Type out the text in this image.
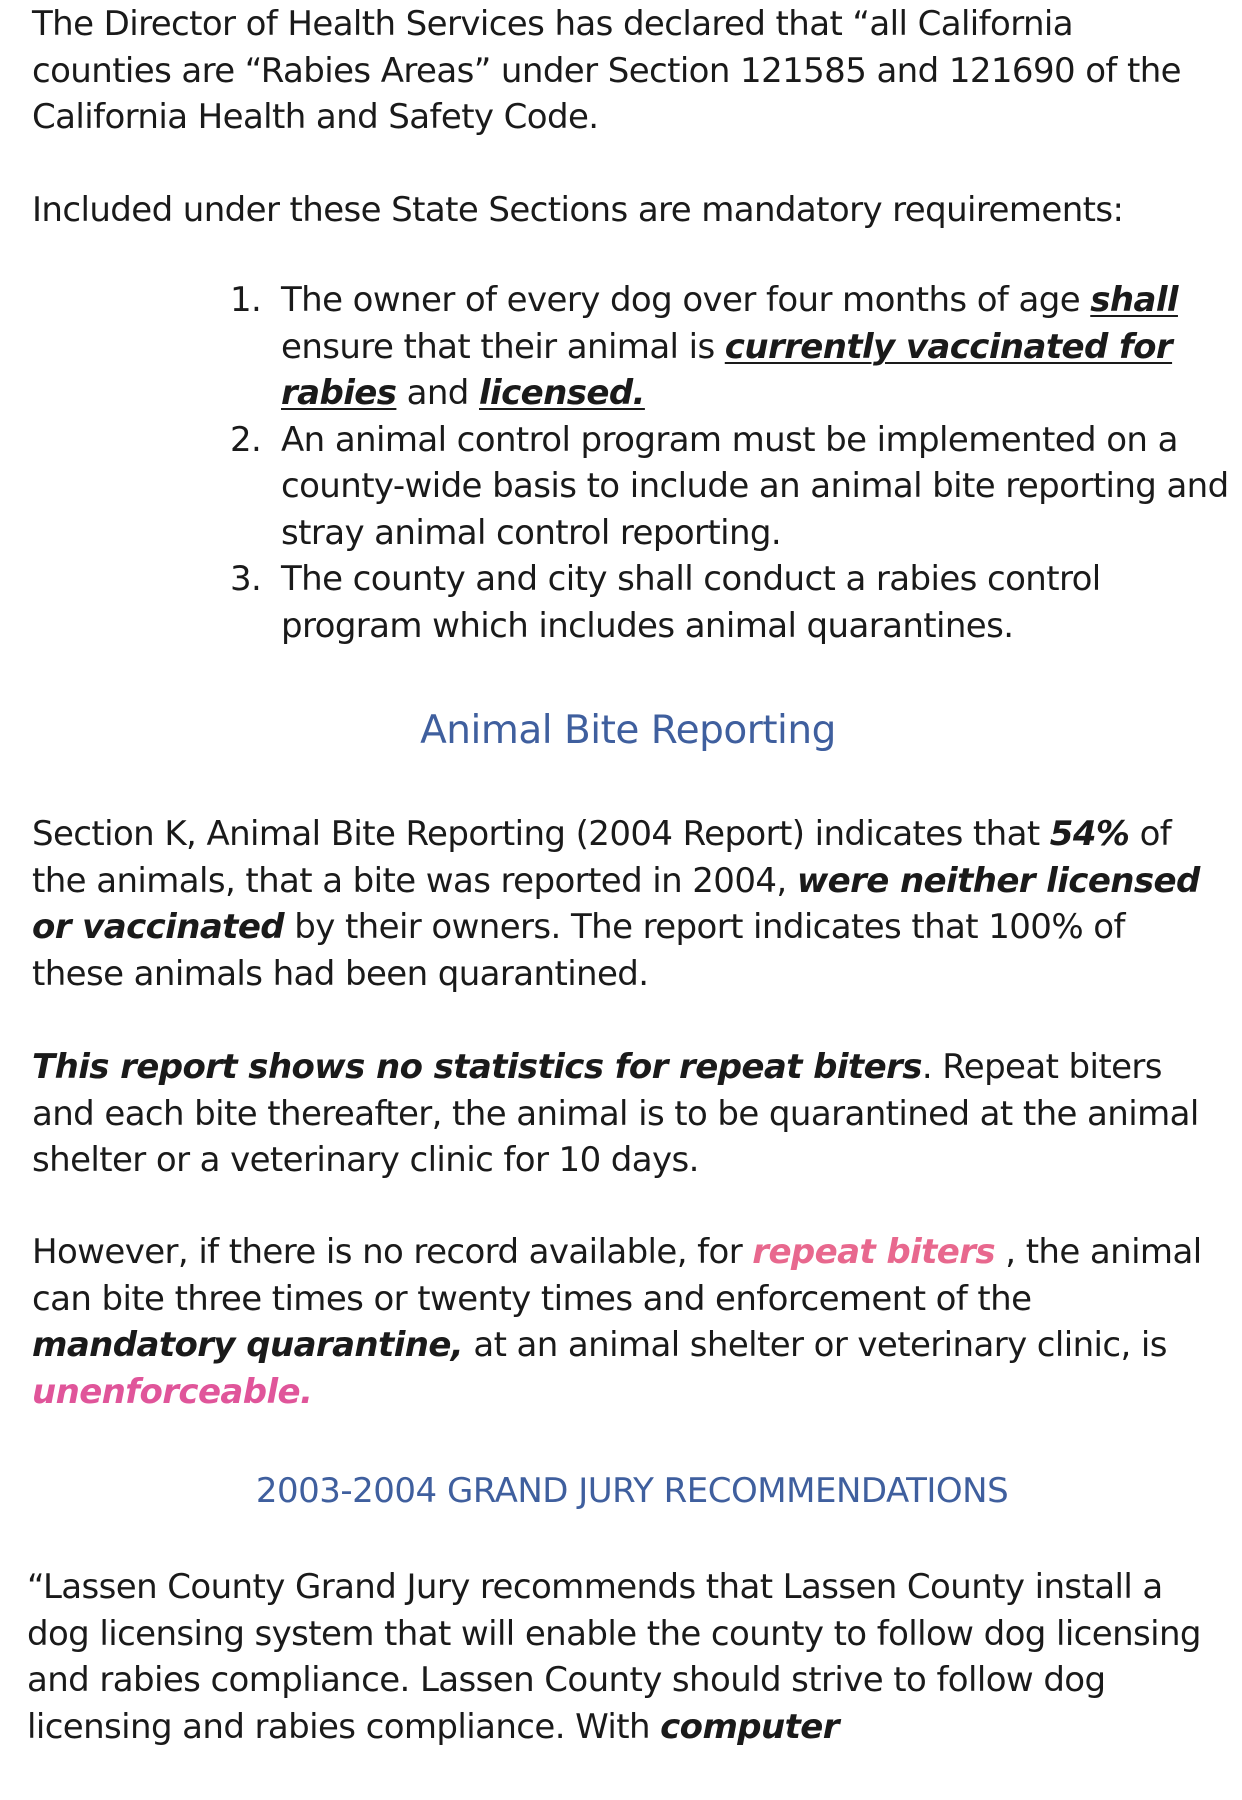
The Director of Health Services has declared that “all California counties are “Rabies Areas” under Section 121585 and 121690 of the California Health and Safety Code.

Included under these State Sections are mandatory requirements:

1. The owner of every dog over four months of age shall ensure that their animal is currently vaccinated for rabies and licensed.
2. An animal control program must be implemented on a county-wide basis to include an animal bite reporting and stray animal control reporting.
3. The county and city shall conduct a rabies control program which includes animal quarantines.
Animal Bite Reporting

Section K, Animal Bite Reporting (2004 Report) indicates that 54% of the animals, that a bite was reported in 2004, were neither licensed or vaccinated by their owners. The report indicates that 100% of these animals had been quarantined.

This report shows no statistics for repeat biters. Repeat biters and each bite thereafter, the animal is to be quarantined at the animal shelter or a veterinary clinic for 10 days.

However, if there is no record available, for repeat biters , the animal can bite three times or twenty times and enforcement of the mandatory quarantine, at an animal shelter or veterinary clinic, is unenforceable.

2003-2004 GRAND JURY RECOMMENDATIONS

“Lassen County Grand Jury recommends that Lassen County install a dog licensing system that will enable the county to follow dog licensing and rabies compliance. Lassen County should strive to follow dog licensing and rabies compliance. With computer
